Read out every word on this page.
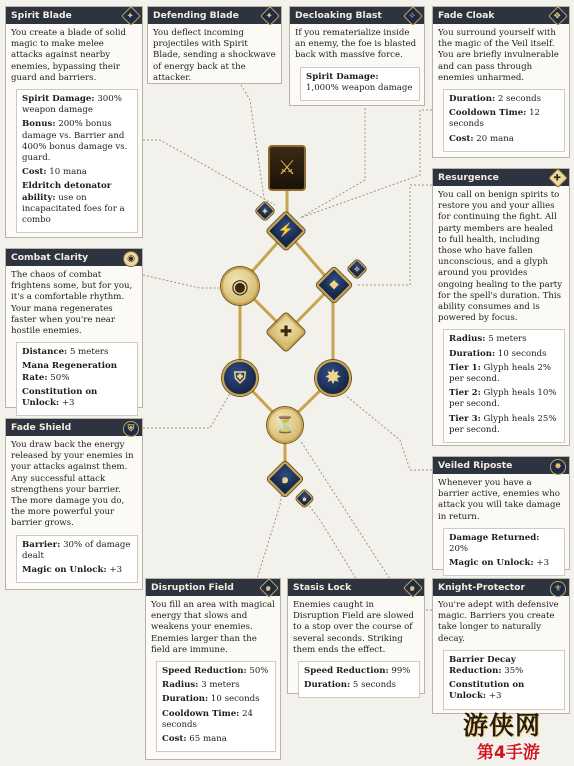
Spirit Blade	✦
You create a blade of solid magic to make melee attacks against nearby enemies, bypassing their guard and barriers.
Spirit Damage: 300% weapon damage
Bonus: 200% bonus damage vs. Barrier and 400% bonus damage vs. guard.
Cost: 10 mana
Eldritch detonator ability: use on incapacitated foes for a combo
Defending Blade	✦
You deflect incoming projectiles with Spirit Blade, sending a shockwave of energy back at the attacker.
Decloaking Blast	✧
If you rematerialize inside an enemy, the foe is blasted back with massive force.
Spirit Damage: 1,000% weapon damage
Fade Cloak	❖
You surround yourself with the magic of the Veil itself. You are briefly invulnerable and can pass through enemies unharmed.
Duration: 2 seconds
Cooldown Time: 12 seconds
Cost: 20 mana
Resurgence	✚
You call on benign spirits to restore you and your allies for continuing the fight. All party members are healed to full health, including those who have fallen unconscious, and a glyph around you provides ongoing healing to the party for the spell's duration. This ability consumes and is powered by focus.
Radius: 5 meters
Duration: 10 seconds
Tier 1: Glyph heals 2% per second.
Tier 2: Glyph heals 10% per second.
Tier 3: Glyph heals 25% per second.
Combat Clarity	◉
The chaos of combat frightens some, but for you, it's a comfortable rhythm. Your mana regenerates faster when you're near hostile enemies.
Distance: 5 meters
Mana Regeneration Rate: 50%
Constitution on Unlock: +3
Fade Shield	⛨
You draw back the energy released by your enemies in your attacks against them. Any successful attack strengthens your barrier. The more damage you do, the more powerful your barrier grows.
Barrier: 30% of damage dealt
Magic on Unlock: +3
Veiled Riposte	✸
Whenever you have a barrier active, enemies who attack you will take damage in return.
Damage Returned: 20%
Magic on Unlock: +3
Disruption Field	๑
You fill an area with magical energy that slows and weakens your enemies. Enemies larger than the field are immune.
Speed Reduction: 50%
Radius: 3 meters
Duration: 10 seconds
Cooldown Time: 24 seconds
Cost: 65 mana
Stasis Lock	๑
Enemies caught in Disruption Field are slowed to a stop over the course of several seconds. Striking them ends the effect.
Speed Reduction: 99%
Duration: 5 seconds
Knight-Protector	⚜
You're adept with defensive magic. Barriers you create take longer to naturally decay.
Barrier Decay Reduction: 35%
Constitution on Unlock: +3
⚔
✦
⚡
✧
❖
◉
✚
⛨	✸
⏳
๑
๑
游侠网
第4手游
